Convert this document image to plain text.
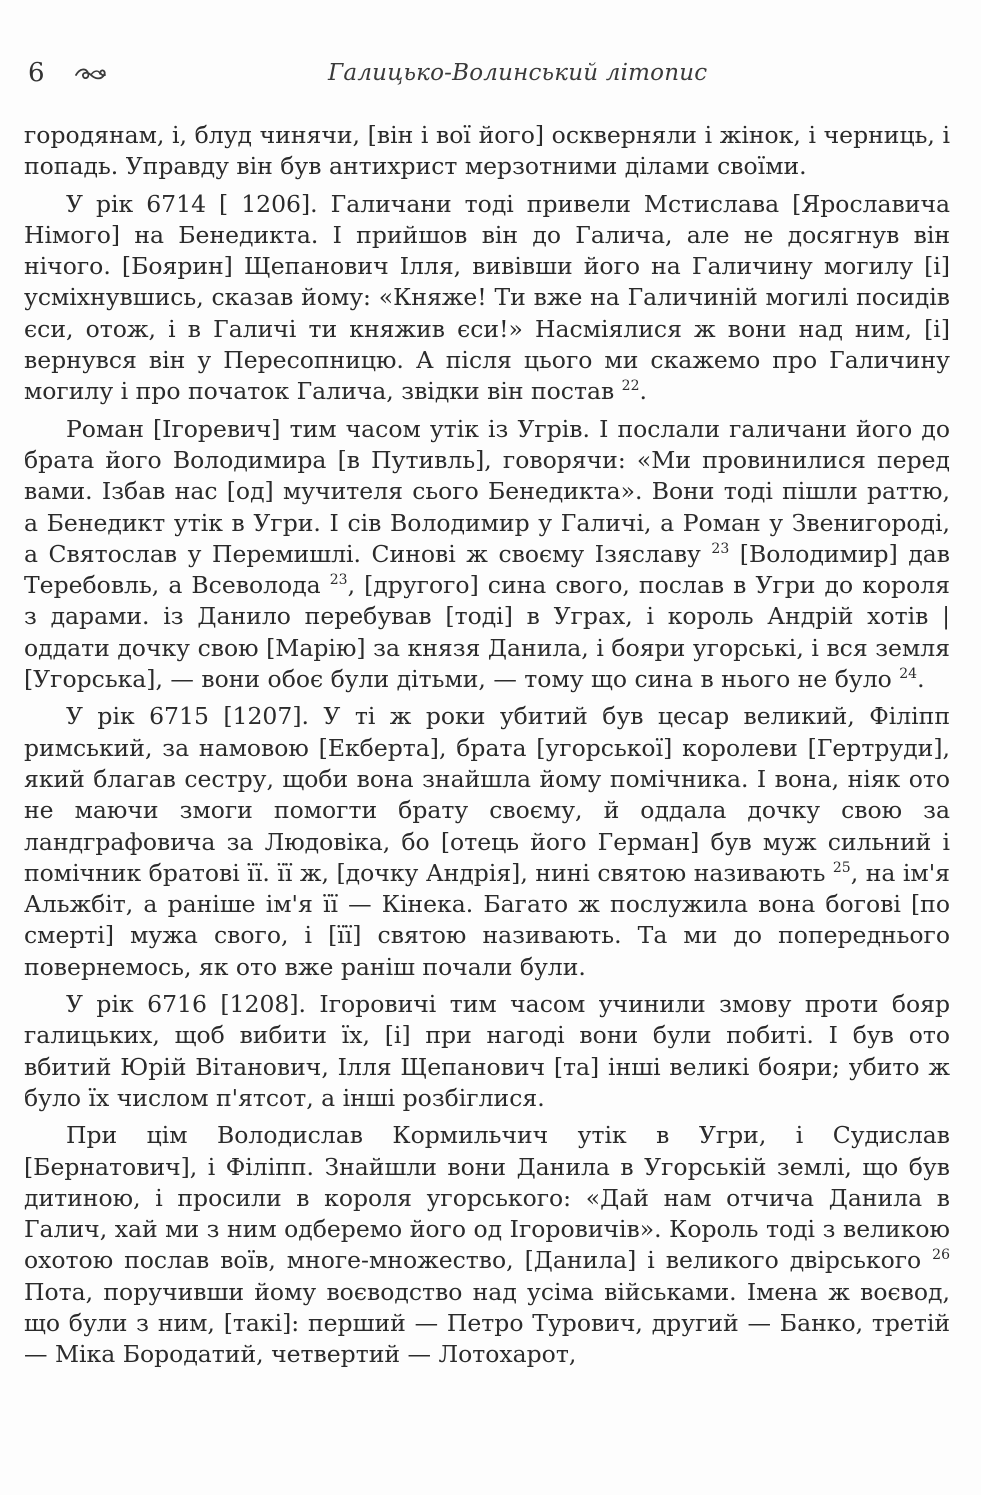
6	Галицько-Волинський літопис

городянам, і, блуд чинячи, [він і вої його] оскверняли і жінок, і черниць, і попадь. Управду він був антихрист мерзотними ділами своїми.

У рік 6714 [ 1206]. Галичани тоді привели Мстислава [Ярославича Німого] на Бенедикта. І прийшов він до Галича, але не досягнув він нічого. [Боярин] Щепанович Ілля, вивівши його на Галичину могилу [і] усміхнувшись, сказав йому: «Княже! Ти вже на Галичиній могилі посидів єси, отож, і в Галичі ти княжив єси!» Насміялися ж вони над ним, [і] вернувся він у Пересопницю. А після цього ми скажемо про Галичину могилу і про початок Галича, звідки він постав $^{22}$.

Роман [Ігоревич] тим часом утік із Угрів. І послали галичани його до брата його Володимира [в Путивль], говорячи: «Ми провинилися перед вами. Ізбав нас [од] мучителя сього Бенедикта». Вони тоді пішли раттю, а Бенедикт утік в Угри. І сів Володимир у Галичі, а Роман у Звенигороді, а Святослав у Перемишлі. Синові ж своєму Ізяславу $^{23}$ [Володимир] дав Теребовль, а Всеволода $^{23}$, [другого] сина свого, послав в Угри до короля з дарами. із Данило перебував [тоді] в Уграх, і король Андрій хотів | оддати дочку свою [Марію] за князя Данила, і бояри угорські, і вся земля [Угорська], — вони обоє були дітьми, — тому що сина в нього не було $^{24}$.

У рік 6715 [1207]. У ті ж роки убитий був цесар великий, Філіпп римський, за намовою [Екберта], брата [угорської] королеви [Гертруди], який благав сестру, щоби вона знайшла йому помічника. І вона, ніяк ото не маючи змоги помогти брату своєму, й оддала дочку свою за ландграфовича за Людовіка, бо [отець його Герман] був муж сильний і помічник братові її. її ж, [дочку Андрія], нині святою називають $^{25}$, на ім'я Альжбіт, а раніше ім'я її — Кінека. Багато ж послужила вона богові [по смерті] мужа свого, і [її] святою називають. Та ми до попереднього повернемось, як ото вже раніш почали були.

У рік 6716 [1208]. Ігоровичі тим часом учинили змову проти бояр галицьких, щоб вибити їх, [і] при нагоді вони були побиті. І був ото вбитий Юрій Вітанович, Ілля Щепанович [та] інші великі бояри; убито ж було їх числом п'ятсот, а інші розбіглися.

При цім Володислав Кормильчич утік в Угри, і Судислав [Бернатович], і Філіпп. Знайшли вони Данила в Угорській землі, що був дитиною, і просили в короля угорського: «Дай нам отчича Данила в Галич, хай ми з ним одберемо його од Ігоровичів». Король тоді з великою охотою послав воїв, многе-множество, [Данила] і великого двірського $^{26}$ Пота, поручивши йому воєводство над усіма військами. Імена ж воєвод, що були з ним, [такі]: перший — Петро Турович, другий — Банко, третій — Міка Бородатий, четвертий — Лотохарот,
